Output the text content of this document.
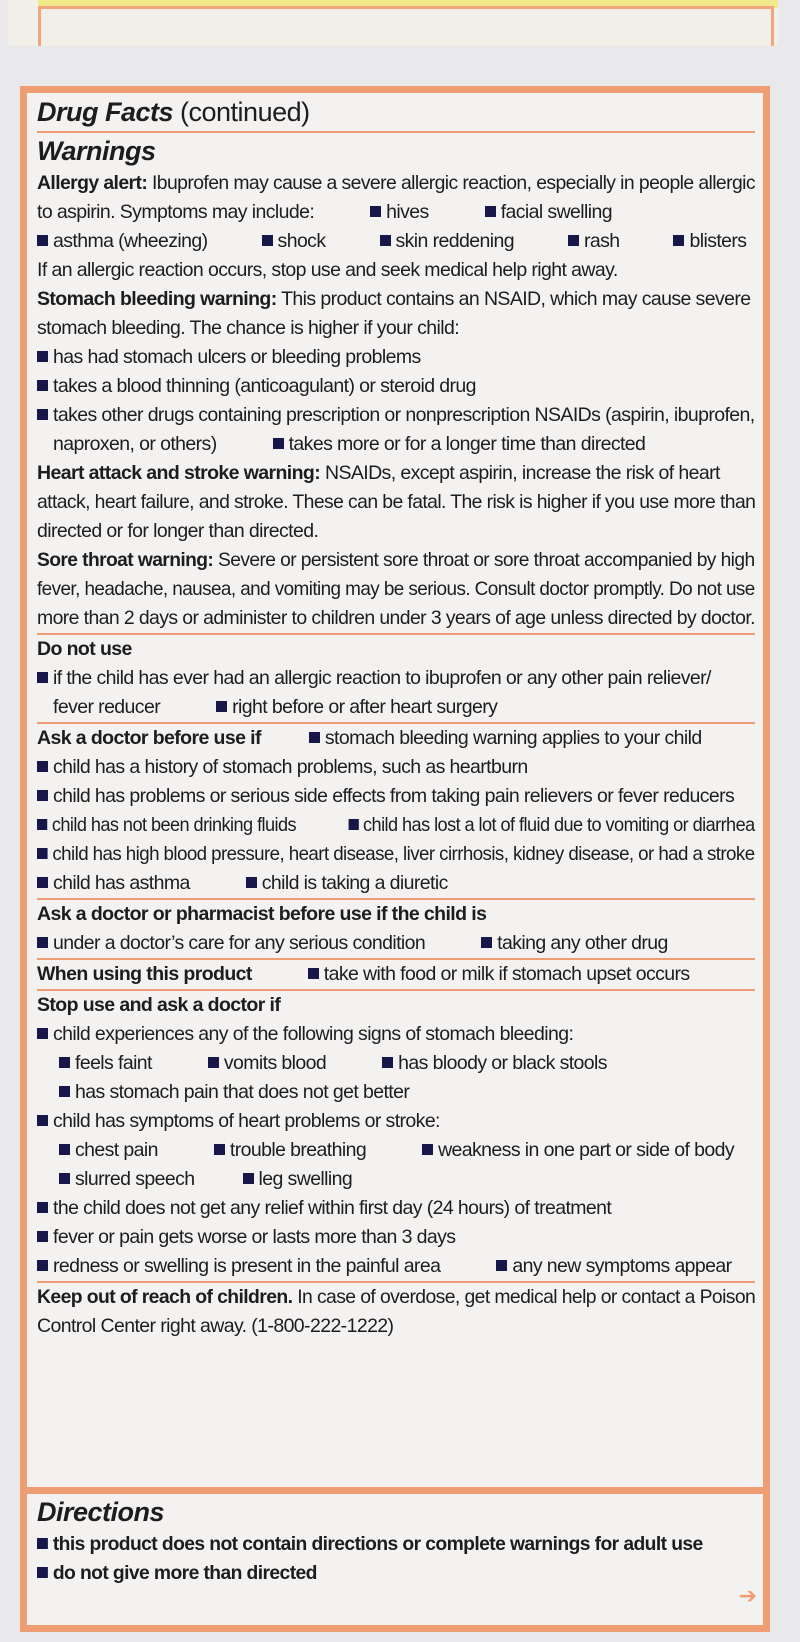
Drug Facts (continued)
Warnings
Allergy alert: Ibuprofen may cause a severe allergic reaction, especially in people allergic
to aspirin. Symptoms may include:	hives	facial swelling
asthma (wheezing)	shock	skin reddening	rash	blisters
If an allergic reaction occurs, stop use and seek medical help right away.
Stomach bleeding warning: This product contains an NSAID, which may cause severe
stomach bleeding. The chance is higher if your child:
has had stomach ulcers or bleeding problems
takes a blood thinning (anticoagulant) or steroid drug
takes other drugs containing prescription or nonprescription NSAIDs (aspirin, ibuprofen,
naproxen, or others)	takes more or for a longer time than directed
Heart attack and stroke warning: NSAIDs, except aspirin, increase the risk of heart
attack, heart failure, and stroke. These can be fatal. The risk is higher if you use more than
directed or for longer than directed.
Sore throat warning: Severe or persistent sore throat or sore throat accompanied by high
fever, headache, nausea, and vomiting may be serious. Consult doctor promptly. Do not use
more than 2 days or administer to children under 3 years of age unless directed by doctor.
Do not use
if the child has ever had an allergic reaction to ibuprofen or any other pain reliever/
fever reducer	right before or after heart surgery
Ask a doctor before use if	stomach bleeding warning applies to your child
child has a history of stomach problems, such as heartburn
child has problems or serious side effects from taking pain relievers or fever reducers
child has not been drinking fluids	child has lost a lot of fluid due to vomiting or diarrhea
child has high blood pressure, heart disease, liver cirrhosis, kidney disease, or had a stroke
child has asthma	child is taking a diuretic
Ask a doctor or pharmacist before use if the child is
under a doctor’s care for any serious condition	taking any other drug
When using this product	take with food or milk if stomach upset occurs
Stop use and ask a doctor if
child experiences any of the following signs of stomach bleeding:
feels faint	vomits blood	has bloody or black stools
has stomach pain that does not get better
child has symptoms of heart problems or stroke:
chest pain	trouble breathing	weakness in one part or side of body
slurred speech	leg swelling
the child does not get any relief within first day (24 hours) of treatment
fever or pain gets worse or lasts more than 3 days
redness or swelling is present in the painful area	any new symptoms appear
Keep out of reach of children. In case of overdose, get medical help or contact a Poison
Control Center right away. (1-800-222-1222)
Directions
this product does not contain directions or complete warnings for adult use
do not give more than directed
➔
